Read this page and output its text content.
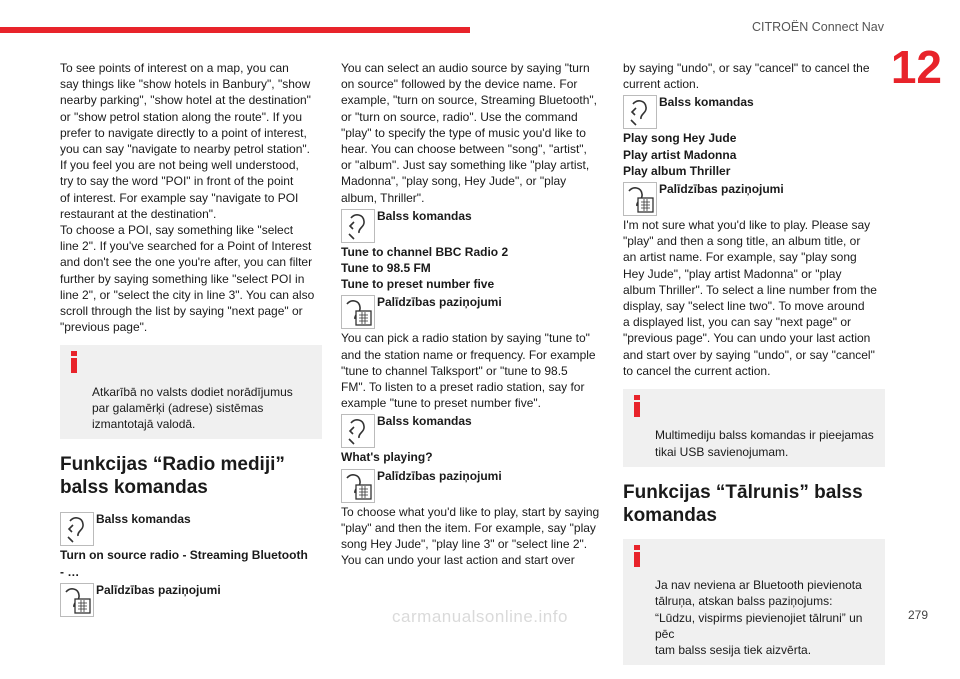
CITROËN Connect Nav
12

To see points of interest on a map, you can
say things like "show hotels in Banbury", "show
nearby parking", "show hotel at the destination"
or "show petrol station along the route". If you
prefer to navigate directly to a point of interest,
you can say "navigate to nearby petrol station".
If you feel you are not being well understood,
try to say the word "POI" in front of the point
of interest. For example say "navigate to POI
restaurant at the destination".
To choose a POI, say something like "select
line 2". If you've searched for a Point of Interest
and don't see the one you're after, you can filter
further by saying something like "select POI in
line 2", or "select the city in line 3". You can also
scroll through the list by saying "next page" or
"previous page".

Atkarībā no valsts dodiet norādījumus
par galamērķi (adrese) sistēmas
izmantotajā valodā.

Funkcijas “Radio mediji” balss komandas
Balss komandas

Turn on source radio - Streaming Bluetooth
- …

Palīdzības paziņojumi

You can select an audio source by saying "turn
on source" followed by the device name. For
example, "turn on source, Streaming Bluetooth",
or "turn on source, radio". Use the command
"play" to specify the type of music you'd like to
hear. You can choose between "song", "artist",
or "album". Just say something like "play artist,
Madonna", "play song, Hey Jude", or "play
album, Thriller".

Balss komandas

Tune to channel BBC Radio 2
Tune to 98.5 FM
Tune to preset number five

Palīdzības paziņojumi

You can pick a radio station by saying "tune to"
and the station name or frequency. For example
"tune to channel Talksport" or "tune to 98.5
FM". To listen to a preset radio station, say for
example "tune to preset number five".

Balss komandas

What's playing?

Palīdzības paziņojumi

To choose what you'd like to play, start by saying
"play" and then the item. For example, say "play
song Hey Jude", "play line 3" or "select line 2".
You can undo your last action and start over

by saying "undo", or say "cancel" to cancel the
current action.

Balss komandas

Play song Hey Jude
Play artist Madonna
Play album Thriller

Palīdzības paziņojumi

I'm not sure what you'd like to play. Please say
"play" and then a song title, an album title, or
an artist name. For example, say "play song
Hey Jude", "play artist Madonna" or "play
album Thriller". To select a line number from the
display, say "select line two". To move around
a displayed list, you can say "next page" or
"previous page". You can undo your last action
and start over by saying "undo", or say "cancel"
to cancel the current action.

Multimediju balss komandas ir pieejamas
tikai USB savienojumam.

Funkcijas “Tālrunis” balss komandas

Ja nav neviena ar Bluetooth pievienota
tālruņa, atskan balss paziņojums:
“Lūdzu, vispirms pievienojiet tālruni” un pēc
tam balss sesija tiek aizvērta.

carmanualsonline.info	279
